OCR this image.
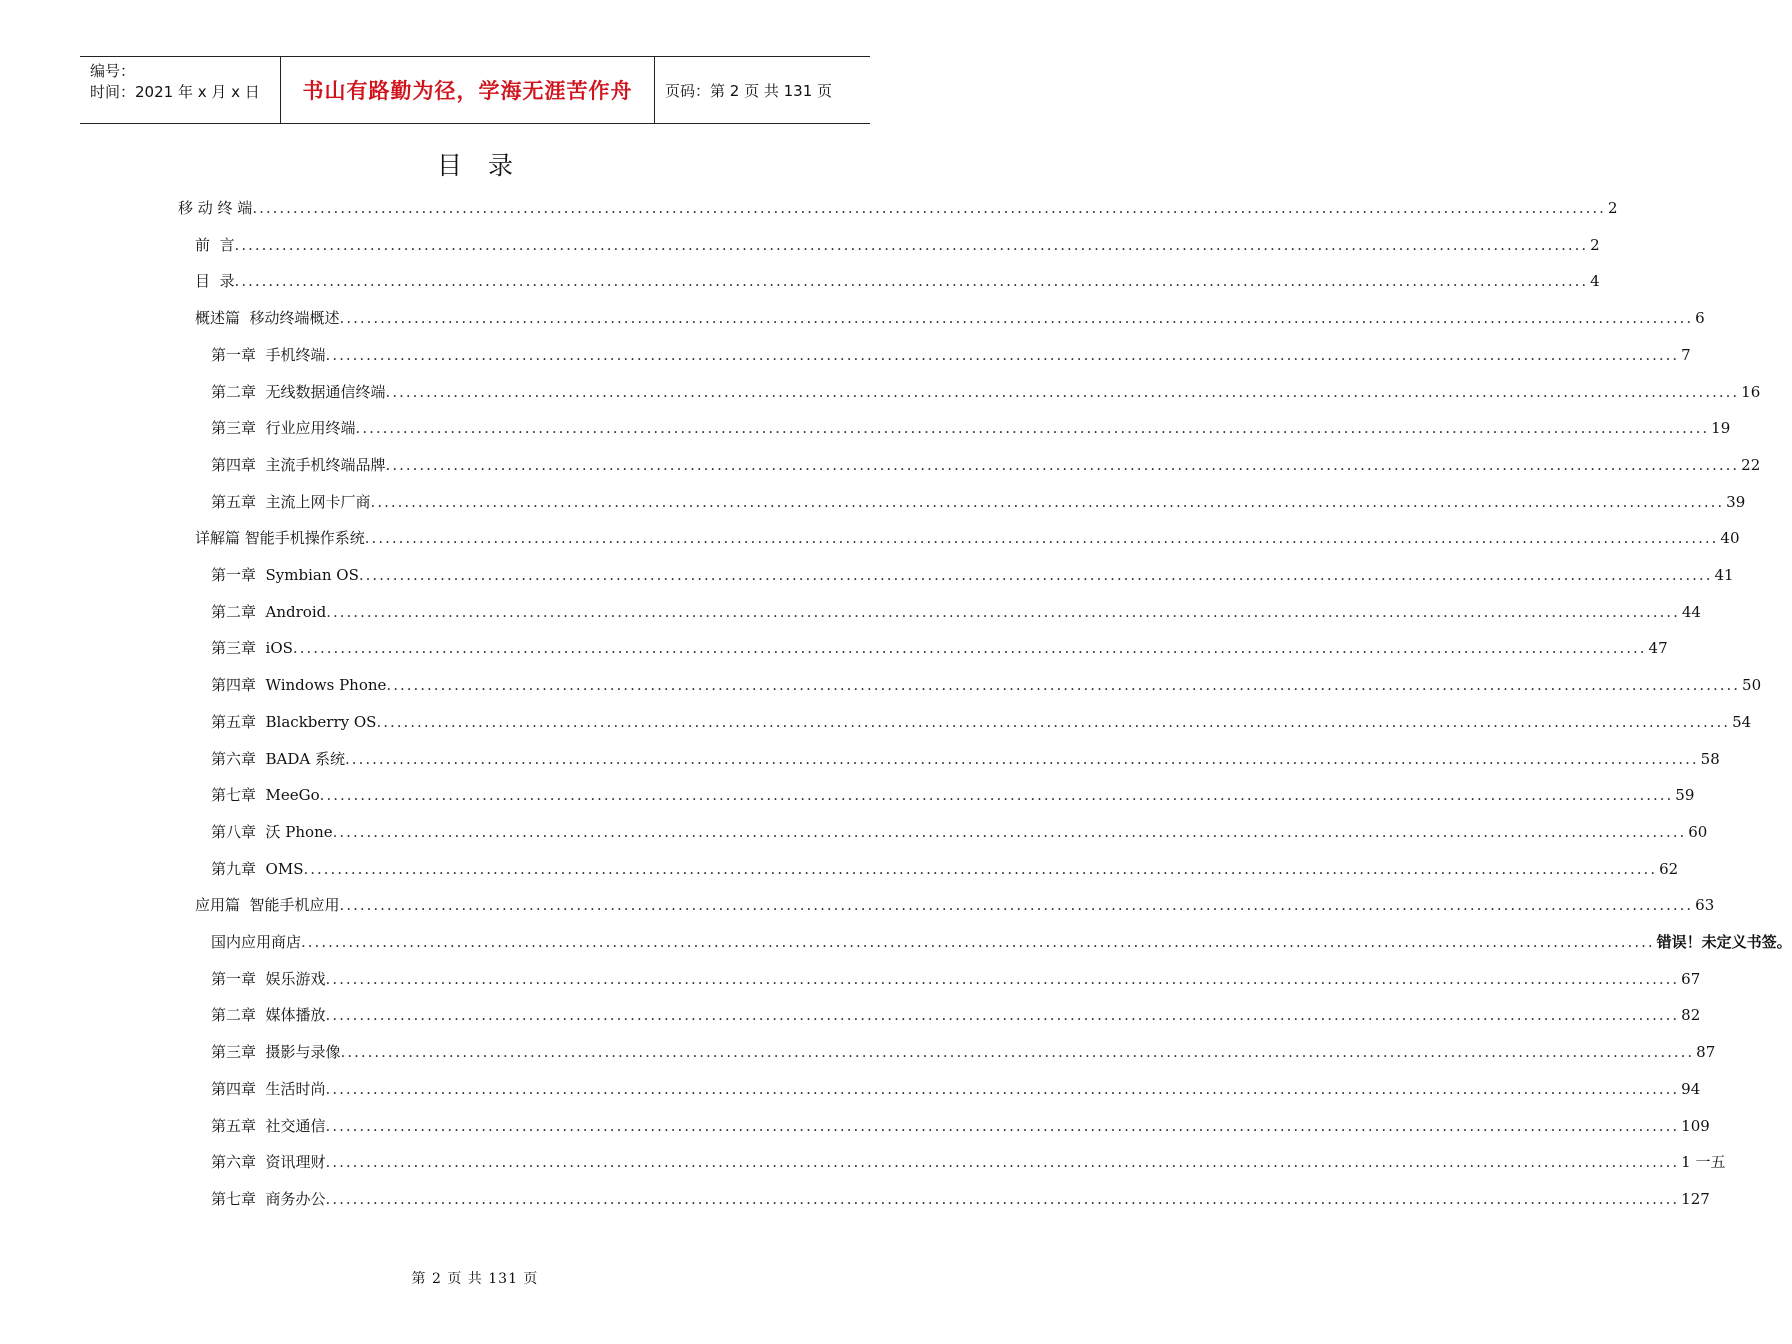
编号：
时间：2021 年 x 月 x 日	书山有路勤为径，学海无涯苦作舟	页码：第 2 页 共 131 页
目录
移 动 终 端 ........................................................................................................................................................................................................ 2
前  言 ........................................................................................................................................................................................................ 2
目  录 ........................................................................................................................................................................................................ 4
概述篇  移动终端概述 ........................................................................................................................................................................................................ 6
第一章  手机终端 ........................................................................................................................................................................................................ 7
第二章  无线数据通信终端 ........................................................................................................................................................................................................ 16
第三章  行业应用终端 ........................................................................................................................................................................................................ 19
第四章  主流手机终端品牌 ........................................................................................................................................................................................................ 22
第五章  主流上网卡厂商 ........................................................................................................................................................................................................ 39
详解篇 智能手机操作系统 ........................................................................................................................................................................................................ 40
第一章  Symbian OS ........................................................................................................................................................................................................ 41
第二章  Android ........................................................................................................................................................................................................ 44
第三章  iOS ........................................................................................................................................................................................................ 47
第四章  Windows Phone ........................................................................................................................................................................................................ 50
第五章  Blackberry OS ........................................................................................................................................................................................................ 54
第六章  BADA 系统 ........................................................................................................................................................................................................ 58
第七章  MeeGo ........................................................................................................................................................................................................ 59
第八章  沃 Phone ........................................................................................................................................................................................................ 60
第九章  OMS ........................................................................................................................................................................................................ 62
应用篇  智能手机应用 ........................................................................................................................................................................................................ 63
国内应用商店 ........................................................................................................................................................................................................ 错误！未定义书签。
第一章  娱乐游戏 ........................................................................................................................................................................................................ 67
第二章  媒体播放 ........................................................................................................................................................................................................ 82
第三章  摄影与录像 ........................................................................................................................................................................................................ 87
第四章  生活时尚 ........................................................................................................................................................................................................ 94
第五章  社交通信 ........................................................................................................................................................................................................ 109
第六章  资讯理财 ........................................................................................................................................................................................................ 1 一五
第七章  商务办公 ........................................................................................................................................................................................................ 127
第 2 页 共 131 页
